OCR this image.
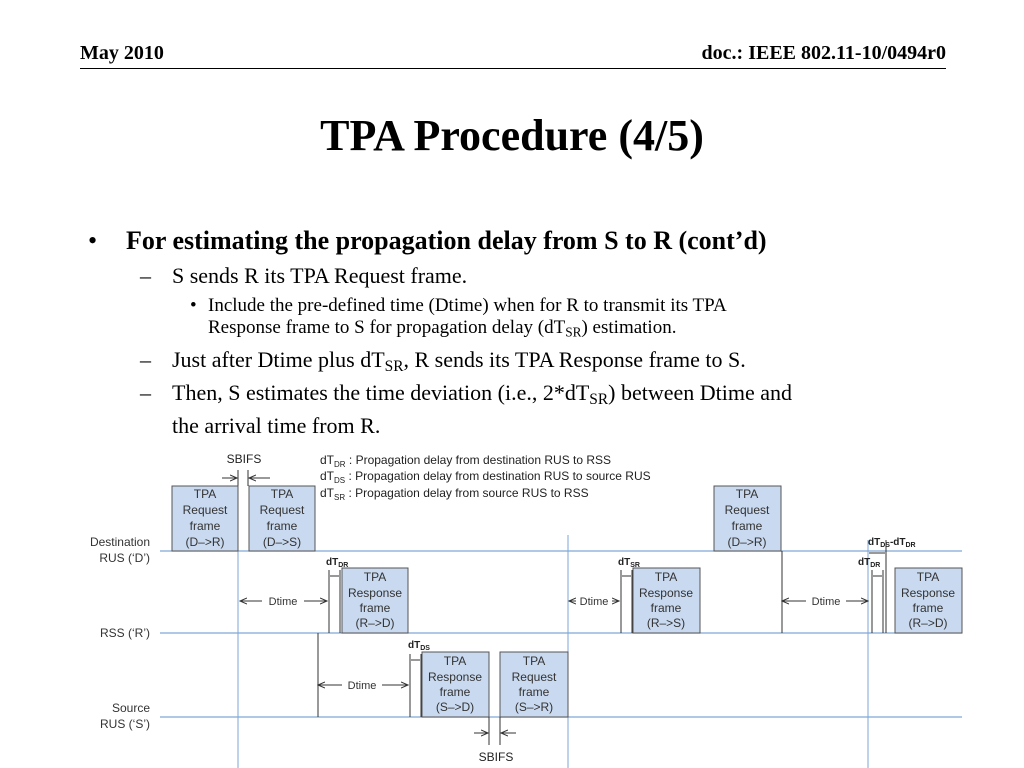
May 2010	doc.: IEEE 802.11-10/0494r0
TPA Procedure (4/5)
• For estimating the propagation delay from S to R (cont’d)
– S sends R its TPA Request frame.
• Include the pre-defined time (Dtime) when for R to transmit its TPA
Response frame to S for propagation delay $(dT_{SR})$ estimation.
– Just after Dtime plus $dT_{SR}$, R sends its TPA Response frame to S.
– Then, S estimates the time deviation (i.e., $2*dT_{SR}$) between Dtime and
the arrival time from R.
Destination
RUS (‘D’)
RSS (‘R’)
Source
RUS (‘S’)
$dT_{DR}$ : Propagation delay from destination RUS to RSS
$dT_{DS}$ : Propagation delay from destination RUS to source RUS
$dT_{SR}$ : Propagation delay from source RUS to RSS
SBIFS
TPA
Request
frame
(D–>R)
TPA
Request
frame
(D–>S)
TPA
Response
frame
(R–>D)
TPA
Response
frame
(S–>D)
TPA
Request
frame
(S–>R)
TPA
Response
frame
(R–>S)
TPA
Request
frame
(D–>R)
TPA
Response
frame
(R–>D)
Dtime
Dtime
Dtime	Dtime
$dT_{DR}$
$dT_{DS}$
$dT_{SR}$	$dT_{DR}$
$dT_{DS}-dT_{DR}$
SBIFS
